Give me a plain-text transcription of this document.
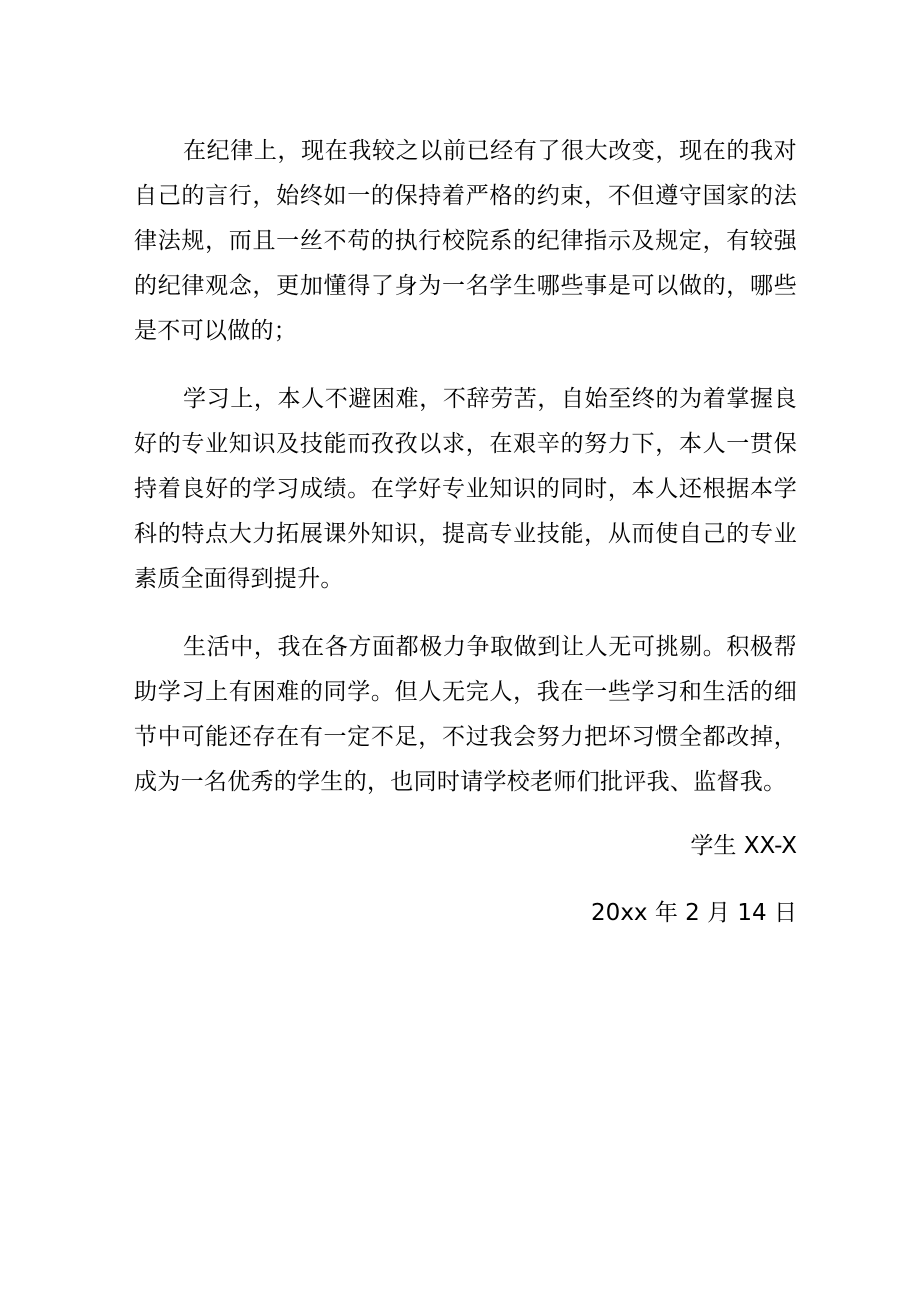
在纪律上，现在我较之以前已经有了很大改变，现在的我对自己的言行，始终如一的保持着严格的约束，不但遵守国家的法律法规，而且一丝不苟的执行校院系的纪律指示及规定，有较强的纪律观念，更加懂得了身为一名学生哪些事是可以做的，哪些是不可以做的；

学习上，本人不避困难，不辞劳苦，自始至终的为着掌握良好的专业知识及技能而孜孜以求，在艰辛的努力下，本人一贯保持着良好的学习成绩。在学好专业知识的同时，本人还根据本学科的特点大力拓展课外知识，提高专业技能，从而使自己的专业素质全面得到提升。

生活中，我在各方面都极力争取做到让人无可挑剔。积极帮助学习上有困难的同学。但人无完人，我在一些学习和生活的细节中可能还存在有一定不足，不过我会努力把坏习惯全都改掉，成为一名优秀的学生的，也同时请学校老师们批评我、监督我。

学生 XX-X

20xx 年 2 月 14 日
